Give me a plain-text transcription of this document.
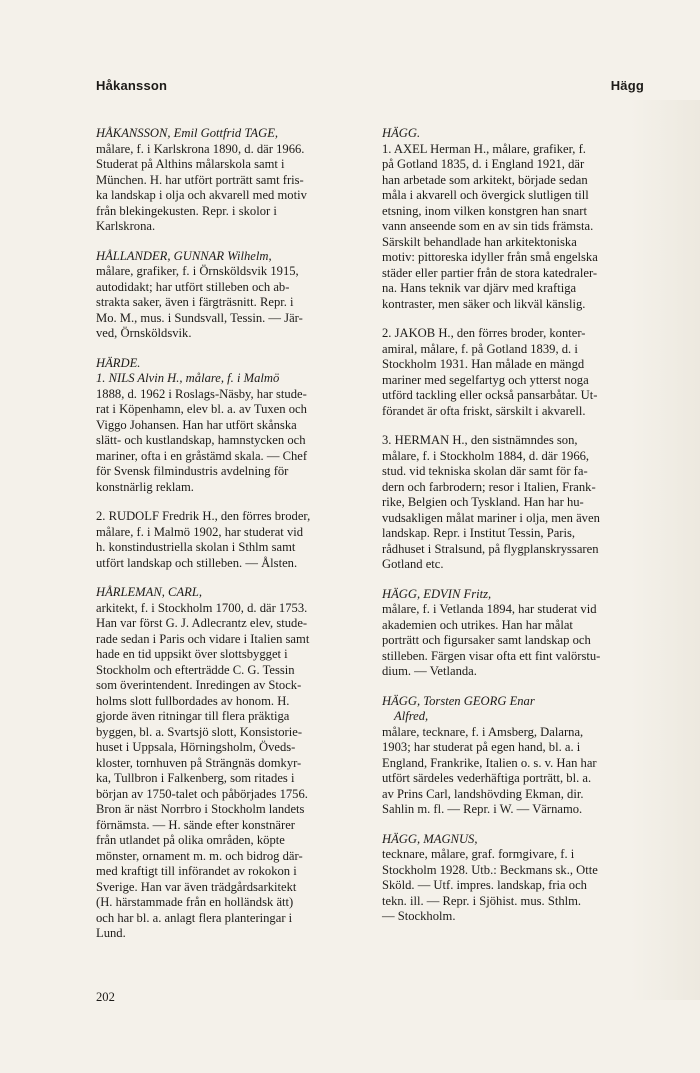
Håkansson	Hägg
HÅKANSSON, Emil Gottfrid TAGE,
målare, f. i Karlskrona 1890, d. där 1966.
Studerat på Althins målarskola samt i
München. H. har utfört porträtt samt fris-
ka landskap i olja och akvarell med motiv
från blekingekusten. Repr. i skolor i
Karlskrona.
HÅLLANDER, GUNNAR Wilhelm,
målare, grafiker, f. i Örnsköldsvik 1915,
autodidakt; har utfört stilleben och ab-
strakta saker, även i färgträsnitt. Repr. i
Mo. M., mus. i Sundsvall, Tessin. — Jär-
ved, Örnsköldsvik.
HÄRDE.
1. NILS Alvin H., målare, f. i Malmö
1888, d. 1962 i Roslags-Näsby, har stude-
rat i Köpenhamn, elev bl. a. av Tuxen och
Viggo Johansen. Han har utfört skånska
slätt- och kustlandskap, hamnstycken och
mariner, ofta i en gråstämd skala. — Chef
för Svensk filmindustris avdelning för
konstnärlig reklam.
2. RUDOLF Fredrik H., den förres broder,
målare, f. i Malmö 1902, har studerat vid
h. konstindustriella skolan i Sthlm samt
utfört landskap och stilleben. — Ålsten.
HÅRLEMAN, CARL,
arkitekt, f. i Stockholm 1700, d. där 1753.
Han var först G. J. Adlecrantz elev, stude-
rade sedan i Paris och vidare i Italien samt
hade en tid uppsikt över slottsbygget i
Stockholm och efterträdde C. G. Tessin
som överintendent. Inredingen av Stock-
holms slott fullbordades av honom. H.
gjorde även ritningar till flera präktiga
byggen, bl. a. Svartsjö slott, Konsistorie-
huset i Uppsala, Hörningsholm, Öveds-
kloster, tornhuven på Strängnäs domkyr-
ka, Tullbron i Falkenberg, som ritades i
början av 1750-talet och påbörjades 1756.
Bron är näst Norrbro i Stockholm landets
förnämsta. — H. sände efter konstnärer
från utlandet på olika områden, köpte
mönster, ornament m. m. och bidrog där-
med kraftigt till införandet av rokokon i
Sverige. Han var även trädgårdsarkitekt
(H. härstammade från en holländsk ätt)
och har bl. a. anlagt flera planteringar i
Lund.
HÄGG.
1. AXEL Herman H., målare, grafiker, f.
på Gotland 1835, d. i England 1921, där
han arbetade som arkitekt, började sedan
måla i akvarell och övergick slutligen till
etsning, inom vilken konstgren han snart
vann anseende som en av sin tids främsta.
Särskilt behandlade han arkitektoniska
motiv: pittoreska idyller från små engelska
städer eller partier från de stora katedraler-
na. Hans teknik var djärv med kraftiga
kontraster, men säker och likväl känslig.
2. JAKOB H., den förres broder, konter-
amiral, målare, f. på Gotland 1839, d. i
Stockholm 1931. Han målade en mängd
mariner med segelfartyg och ytterst noga
utförd tackling eller också pansarbåtar. Ut-
förandet är ofta friskt, särskilt i akvarell.
3. HERMAN H., den sistnämndes son,
målare, f. i Stockholm 1884, d. där 1966,
stud. vid tekniska skolan där samt för fa-
dern och farbrodern; resor i Italien, Frank-
rike, Belgien och Tyskland. Han har hu-
vudsakligen målat mariner i olja, men även
landskap. Repr. i Institut Tessin, Paris,
rådhuset i Stralsund, på flygplanskryssaren
Gotland etc.
HÄGG, EDVIN Fritz,
målare, f. i Vetlanda 1894, har studerat vid
akademien och utrikes. Han har målat
porträtt och figursaker samt landskap och
stilleben. Färgen visar ofta ett fint valörstu-
dium. — Vetlanda.
HÄGG, Torsten GEORG Enar
Alfred,
målare, tecknare, f. i Amsberg, Dalarna,
1903; har studerat på egen hand, bl. a. i
England, Frankrike, Italien o. s. v. Han har
utfört särdeles vederhäftiga porträtt, bl. a.
av Prins Carl, landshövding Ekman, dir.
Sahlin m. fl. — Repr. i W. — Värnamo.
HÄGG, MAGNUS,
tecknare, målare, graf. formgivare, f. i
Stockholm 1928. Utb.: Beckmans sk., Otte
Sköld. — Utf. impres. landskap, fria och
tekn. ill. — Repr. i Sjöhist. mus. Sthlm.
— Stockholm.
202
